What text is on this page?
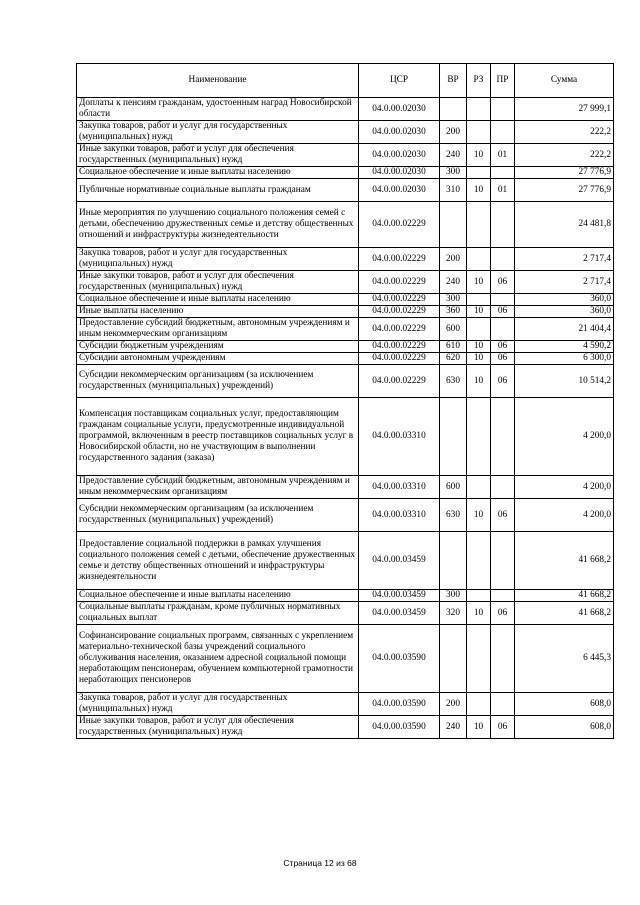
Наименование	ЦСР	ВР	РЗ	ПР	Сумма
Доплаты к пенсиям гражданам, удостоенным наград Новосибирской области	04.0.00.02030				27 999,1
Закупка товаров, работ и услуг для государственных (муниципальных) нужд	04.0.00.02030	200			222,2
Иные закупки товаров, работ и услуг для обеспечения государственных (муниципальных) нужд	04.0.00.02030	240	10	01	222,2
Социальное обеспечение и иные выплаты населению	04.0.00.02030	300			27 776,9
Публичные нормативные социальные выплаты гражданам	04.0.00.02030	310	10	01	27 776,9
Иные мероприятия по улучшению социального положения семей с детьми, обеспечению дружественных семье и детству общественных отношений и инфраструктуры жизнедеятельности	04.0.00.02229				24 481,8
Закупка товаров, работ и услуг для государственных (муниципальных) нужд	04.0.00.02229	200			2 717,4
Иные закупки товаров, работ и услуг для обеспечения государственных (муниципальных) нужд	04.0.00.02229	240	10	06	2 717,4
Социальное обеспечение и иные выплаты населению	04.0.00.02229	300			360,0
Иные выплаты населению	04.0.00.02229	360	10	06	360,0
Предоставление субсидий бюджетным, автономным учреждениям и иным некоммерческим организациям	04.0.00.02229	600			21 404,4
Субсидии бюджетным учреждениям	04.0.00.02229	610	10	06	4 590,2
Субсидии автономным учреждениям	04.0.00.02229	620	10	06	6 300,0
Субсидии некоммерческим организациям (за исключением государственных (муниципальных) учреждений)	04.0.00.02229	630	10	06	10 514,2
Компенсация поставщикам социальных услуг, предоставляющим гражданам социальные услуги, предусмотренные индивидуальной программой, включенным в реестр поставщиков социальных услуг в Новосибирской области, но не участвующим в выполнении государственного задания (заказа)	04.0.00.03310				4 200,0
Предоставление субсидий бюджетным, автономным учреждениям и иным некоммерческим организациям	04.0.00.03310	600			4 200,0
Субсидии некоммерческим организациям (за исключением государственных (муниципальных) учреждений)	04.0.00.03310	630	10	06	4 200,0
Предоставление социальной поддержки в рамках улучшения социального положения семей с детьми, обеспечение дружественных семье и детству общественных отношений и инфраструктуры жизнедеятельности	04.0.00.03459				41 668,2
Социальное обеспечение и иные выплаты населению	04.0.00.03459	300			41 668,2
Социальные выплаты гражданам, кроме публичных нормативных социальных выплат	04.0.00.03459	320	10	06	41 668,2
Софинансирование социальных программ, связанных с укреплением материально-технической базы учреждений социального обслуживания населения, оказанием адресной социальной помощи неработающим пенсионерам, обучением компьютерной грамотности неработающих пенсионеров	04.0.00.03590				6 445,3
Закупка товаров, работ и услуг для государственных (муниципальных) нужд	04.0.00.03590	200			608,0
Иные закупки товаров, работ и услуг для обеспечения государственных (муниципальных) нужд	04.0.00.03590	240	10	06	608,0
Страница 12 из 68
